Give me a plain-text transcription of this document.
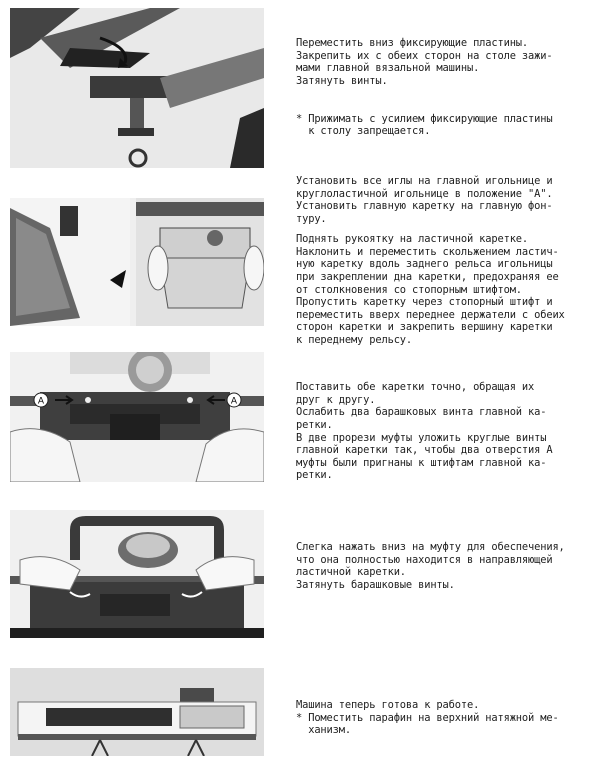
Переместить вниз фиксирующие пластины.
Закрепить их с обеих сторон на столе зажи-
мами главной вязальной машины.
Затянуть винты.

* Прижимать с усилием фиксирующие пластины
к столу запрещается.

Установить все иглы на главной игольнице и
круглоластичной игольнице в положение "А".
Установить главную каретку на главную фон-
туру.

Поднять рукоятку на ластичной каретке.
Наклонить и переместить скольжением ластич-
ную каретку вдоль заднего рельса игольницы
при закреплении дна каретки, предохраняя ее
от столкновения со стопорным штифтом.
Пропустить каретку через стопорный штифт и
переместить вверх переднее держатели с обеих
сторон каретки и закрепить вершину каретки
к переднему рельсу.

A	A

Поставить обе каретки точно, обращая их
друг к другу.
Ослабить два барашковых винта главной ка-
ретки.
В две прорези муфты уложить круглые винты
главной каретки так, чтобы два отверстия А
муфты были пригнаны к штифтам главной ка-
ретки.

Слегка нажать вниз на муфту для обеспечения,
что она полностью находится в направляющей
ластичной каретки.
Затянуть барашковые винты.

Машина теперь готова к работе.
* Поместить парафин на верхний натяжной ме-
ханизм.
